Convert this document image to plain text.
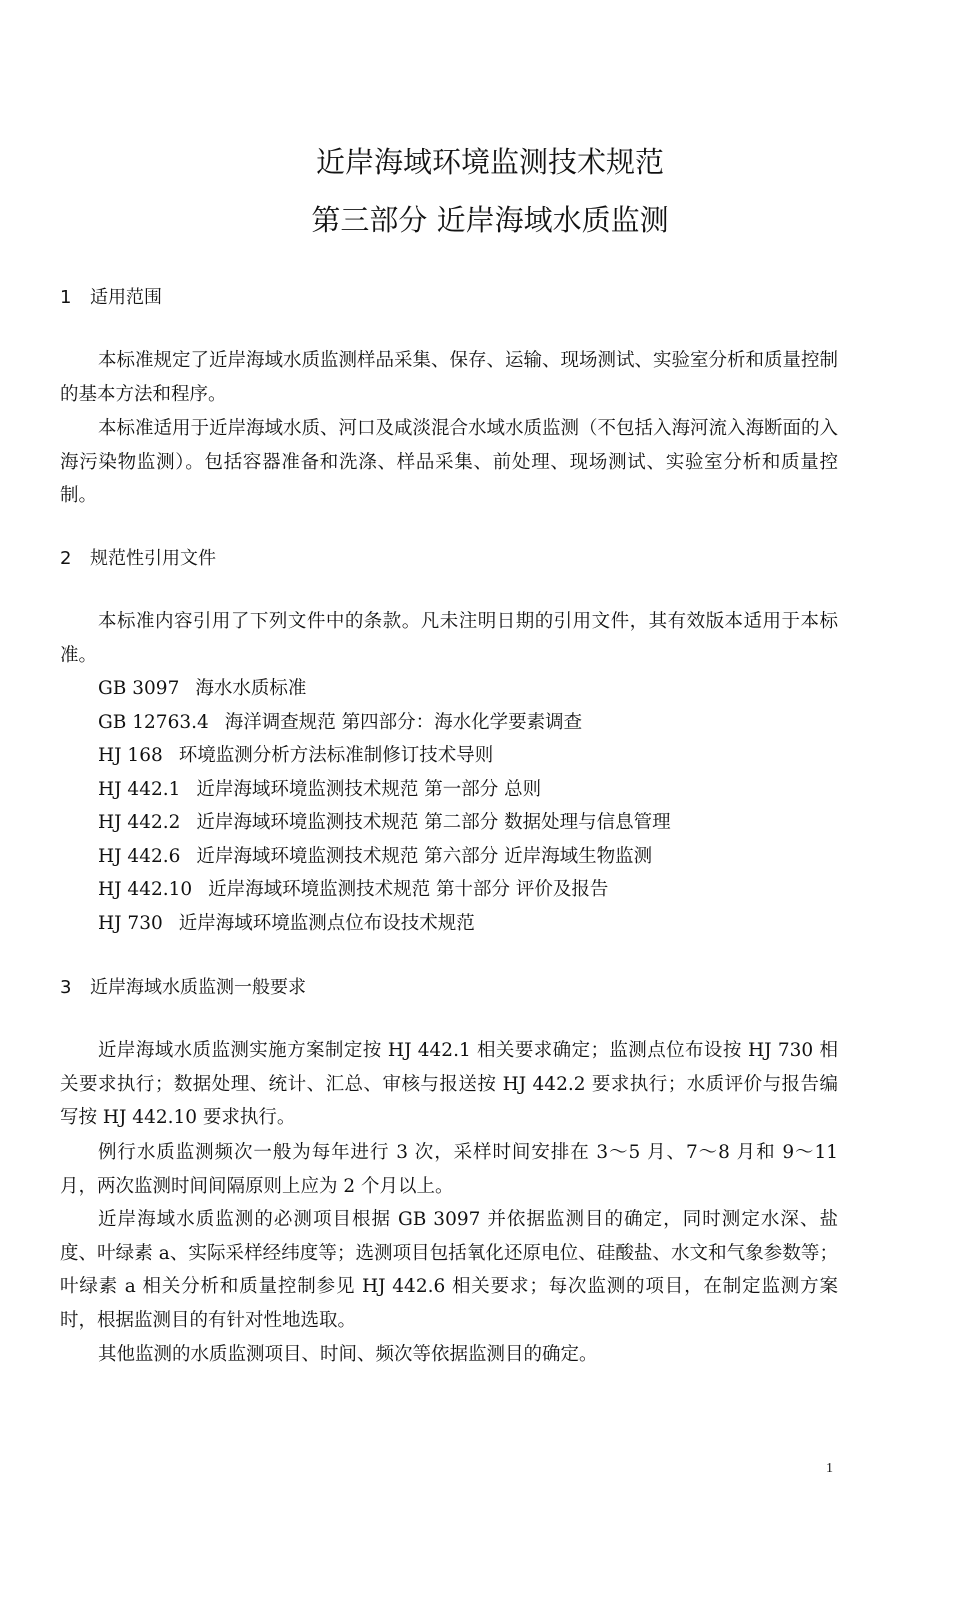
近岸海域环境监测技术规范
第三部分 近岸海域水质监测
1 适用范围

本标准规定了近岸海域水质监测样品采集、保存、运输、现场测试、实验室分析和质量控制的基本方法和程序。

本标准适用于近岸海域水质、河口及咸淡混合水域水质监测（不包括入海河流入海断面的入海污染物监测）。包括容器准备和洗涤、样品采集、前处理、现场测试、实验室分析和质量控制。

2 规范性引用文件

本标准内容引用了下列文件中的条款。凡未注明日期的引用文件，其有效版本适用于本标准。

GB 3097 海水水质标准
GB 12763.4 海洋调查规范 第四部分：海水化学要素调查
HJ 168 环境监测分析方法标准制修订技术导则
HJ 442.1 近岸海域环境监测技术规范 第一部分 总则
HJ 442.2 近岸海域环境监测技术规范 第二部分 数据处理与信息管理
HJ 442.6 近岸海域环境监测技术规范 第六部分 近岸海域生物监测
HJ 442.10 近岸海域环境监测技术规范 第十部分 评价及报告
HJ 730 近岸海域环境监测点位布设技术规范
3 近岸海域水质监测一般要求

近岸海域水质监测实施方案制定按 HJ 442.1 相关要求确定；监测点位布设按 HJ 730 相关要求执行；数据处理、统计、汇总、审核与报送按 HJ 442.2 要求执行；水质评价与报告编写按 HJ 442.10 要求执行。

例行水质监测频次一般为每年进行 3 次，采样时间安排在 3～5 月、7～8 月和 9～11 月，两次监测时间间隔原则上应为 2 个月以上。

近岸海域水质监测的必测项目根据 GB 3097 并依据监测目的确定，同时测定水深、盐度、叶绿素 a、实际采样经纬度等；选测项目包括氧化还原电位、硅酸盐、水文和气象参数等；叶绿素 a 相关分析和质量控制参见 HJ 442.6 相关要求；每次监测的项目，在制定监测方案时，根据监测目的有针对性地选取。

其他监测的水质监测项目、时间、频次等依据监测目的确定。

1
